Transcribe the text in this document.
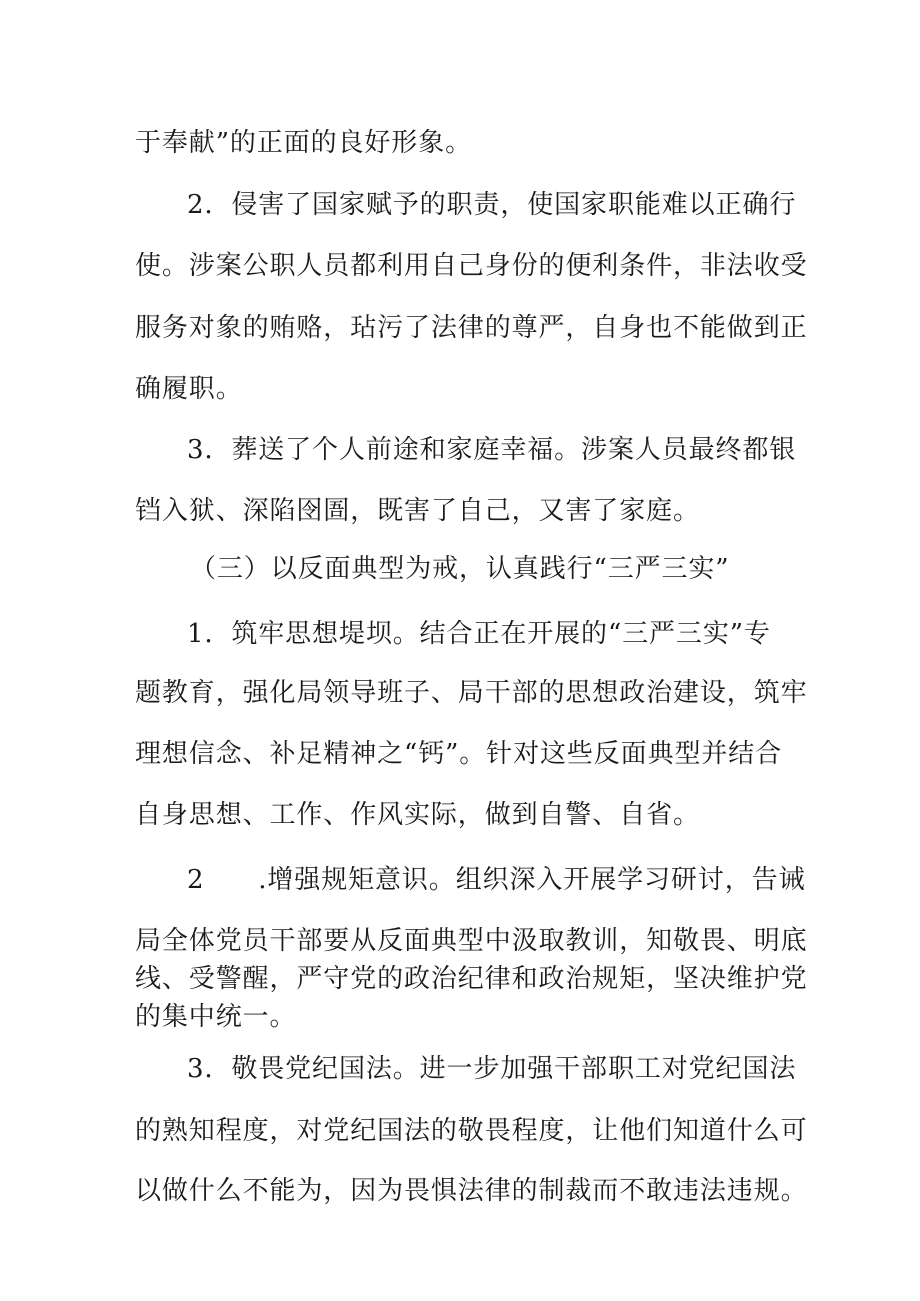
于奉献”的正面的良好形象。
2．侵害了国家赋予的职责，使国家职能难以正确行
使。涉案公职人员都利用自己身份的便利条件，非法收受
服务对象的贿赂，玷污了法律的尊严，自身也不能做到正
确履职。
3．葬送了个人前途和家庭幸福。涉案人员最终都银
铛入狱、深陷囹圄，既害了自己，又害了家庭。
（三）以反面典型为戒，认真践行“三严三实”
1．筑牢思想堤坝。结合正在开展的“三严三实”专
题教育，强化局领导班子、局干部的思想政治建设，筑牢
理想信念、补足精神之“钙”。针对这些反面典型并结合
自身思想、工作、作风实际，做到自警、自省。
2　　.增强规矩意识。组织深入开展学习研讨，告诫
局全体党员干部要从反面典型中汲取教训，知敬畏、明底
线、受警醒，严守党的政治纪律和政治规矩，坚决维护党
的集中统一。
3．敬畏党纪国法。进一步加强干部职工对党纪国法
的熟知程度，对党纪国法的敬畏程度，让他们知道什么可
以做什么不能为，因为畏惧法律的制裁而不敢违法违规。
